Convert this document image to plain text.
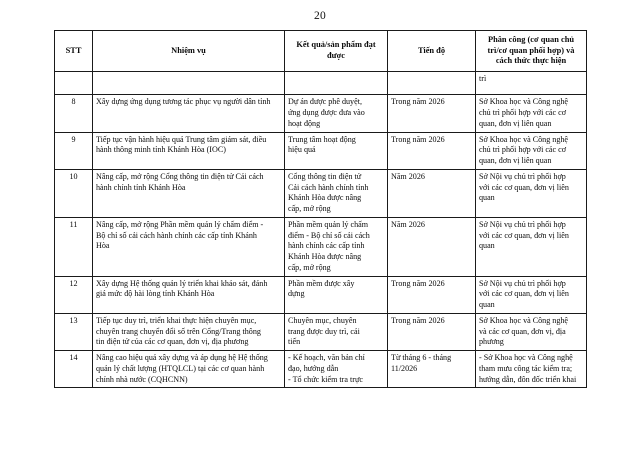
20
STT	Nhiệm vụ	Kết quả/sản phẩm đạt được	Tiến độ	Phân công (cơ quan chủ trì/cơ quan phối hợp) và cách thức thực hiện
				trì
8	Xây dựng ứng dụng tương tác phục vụ người dân tỉnh	Dự án được phê duyệt,
ứng dụng được đưa vào
hoạt động	Trong năm 2026	Sở Khoa học và Công nghệ
chủ trì phối hợp với các cơ
quan, đơn vị liên quan

9	Tiếp tục vận hành hiệu quả Trung tâm giám sát, điều
hành thông minh tỉnh Khánh Hòa (IOC)	Trung tâm hoạt động
hiệu quả	Trong năm 2026	Sở Khoa học và Công nghệ
chủ trì phối hợp với các cơ
quan, đơn vị liên quan

10	Nâng cấp, mở rộng Cổng thông tin điện tử Cải cách
hành chính tỉnh Khánh Hòa	Cổng thông tin điện tử
Cải cách hành chính tỉnh
Khánh Hòa được nâng
cấp, mở rộng	Năm 2026	Sở Nội vụ chủ trì phối hợp
với các cơ quan, đơn vị liên
quan

11	Nâng cấp, mở rộng Phần mềm quản lý chấm điểm -
Bộ chỉ số cải cách hành chính các cấp tỉnh Khánh
Hòa	Phần mềm quản lý chấm
điểm - Bộ chỉ số cải cách
hành chính các cấp tỉnh
Khánh Hòa được nâng
cấp, mở rộng	Năm 2026	Sở Nội vụ chủ trì phối hợp
với các cơ quan, đơn vị liên
quan

12	Xây dựng Hệ thống quản lý triển khai khảo sát, đánh
giá mức độ hài lòng tỉnh Khánh Hòa	Phần mềm được xây
dựng	Trong năm 2026	Sở Nội vụ chủ trì phối hợp
với các cơ quan, đơn vị liên
quan

13	Tiếp tục duy trì, triển khai thực hiện chuyên mục,
chuyên trang chuyển đổi số trên Cổng/Trang thông
tin điện tử của các cơ quan, đơn vị, địa phương	Chuyên mục, chuyên
trang được duy trì, cải
tiến	Trong năm 2026	Sở Khoa học và Công nghệ
và các cơ quan, đơn vị, địa
phương

14	Nâng cao hiệu quả xây dựng và áp dụng hệ Hệ thống
quản lý chất lượng (HTQLCL) tại các cơ quan hành
chính nhà nước (CQHCNN)	- Kế hoạch, văn bản chỉ
đạo, hướng dẫn
- Tổ chức kiểm tra trực	Từ tháng 6 - tháng
11/2026	- Sở Khoa học và Công nghệ
tham mưu công tác kiểm tra;
hướng dẫn, đôn đốc triển khai
